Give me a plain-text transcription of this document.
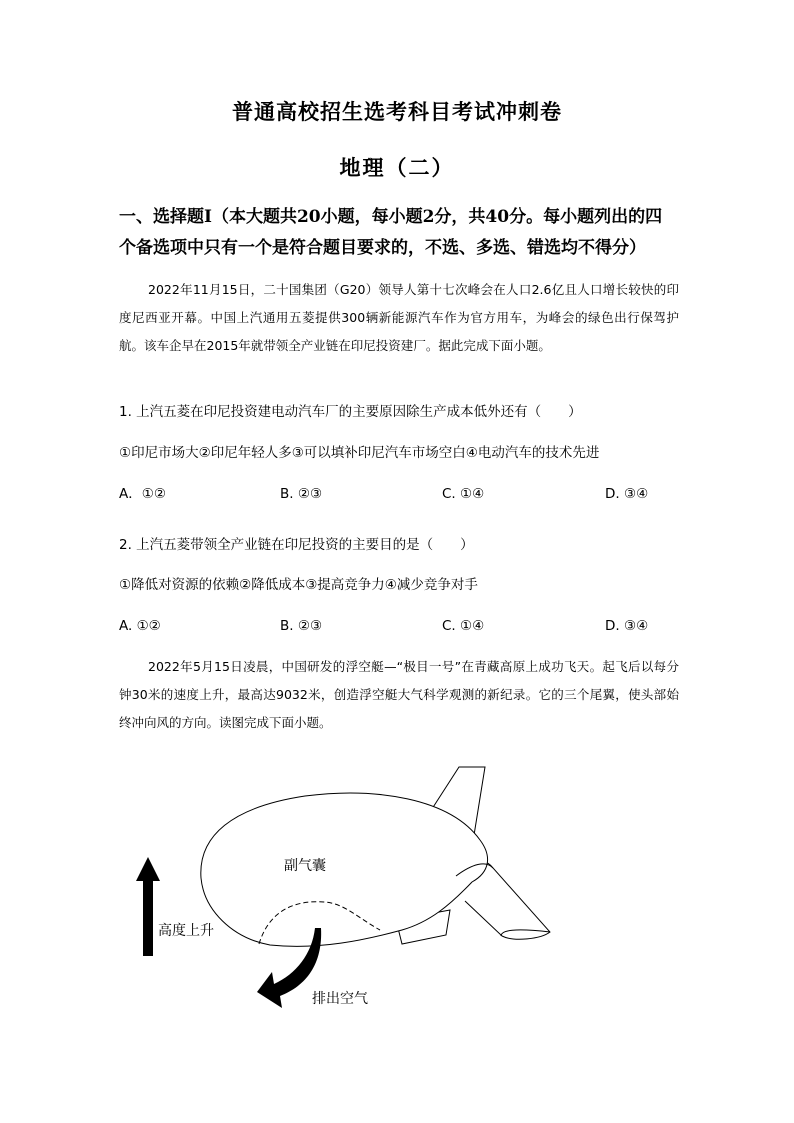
普通高校招生选考科目考试冲刺卷
地理（二）
一、选择题Ⅰ（本大题共20小题，每小题2分，共40分。每小题列出的四个备选项中只有一个是符合题目要求的，不选、多选、错选均不得分）
2022年11月15日，二十国集团（G20）领导人第十七次峰会在人口2.6亿且人口增长较快的印度尼西亚开幕。中国上汽通用五菱提供300辆新能源汽车作为官方用车，为峰会的绿色出行保驾护航。该车企早在2015年就带领全产业链在印尼投资建厂。据此完成下面小题。
1. 上汽五菱在印尼投资建电动汽车厂的主要原因除生产成本低外还有（　　）
①印尼市场大②印尼年轻人多③可以填补印尼汽车市场空白④电动汽车的技术先进
A．①②	B. ②③	C. ①④	D. ③④
2. 上汽五菱带领全产业链在印尼投资的主要目的是（　　）
①降低对资源的依赖②降低成本③提高竞争力④减少竞争对手
A. ①②	B. ②③	C. ①④	D. ③④
2022年5月15日凌晨，中国研发的浮空艇—“极目一号”在青藏高原上成功飞天。起飞后以每分钟30米的速度上升，最高达9032米，创造浮空艇大气科学观测的新纪录。它的三个尾翼，使头部始终冲向风的方向。读图完成下面小题。
高度上升
副气囊
排出空气
